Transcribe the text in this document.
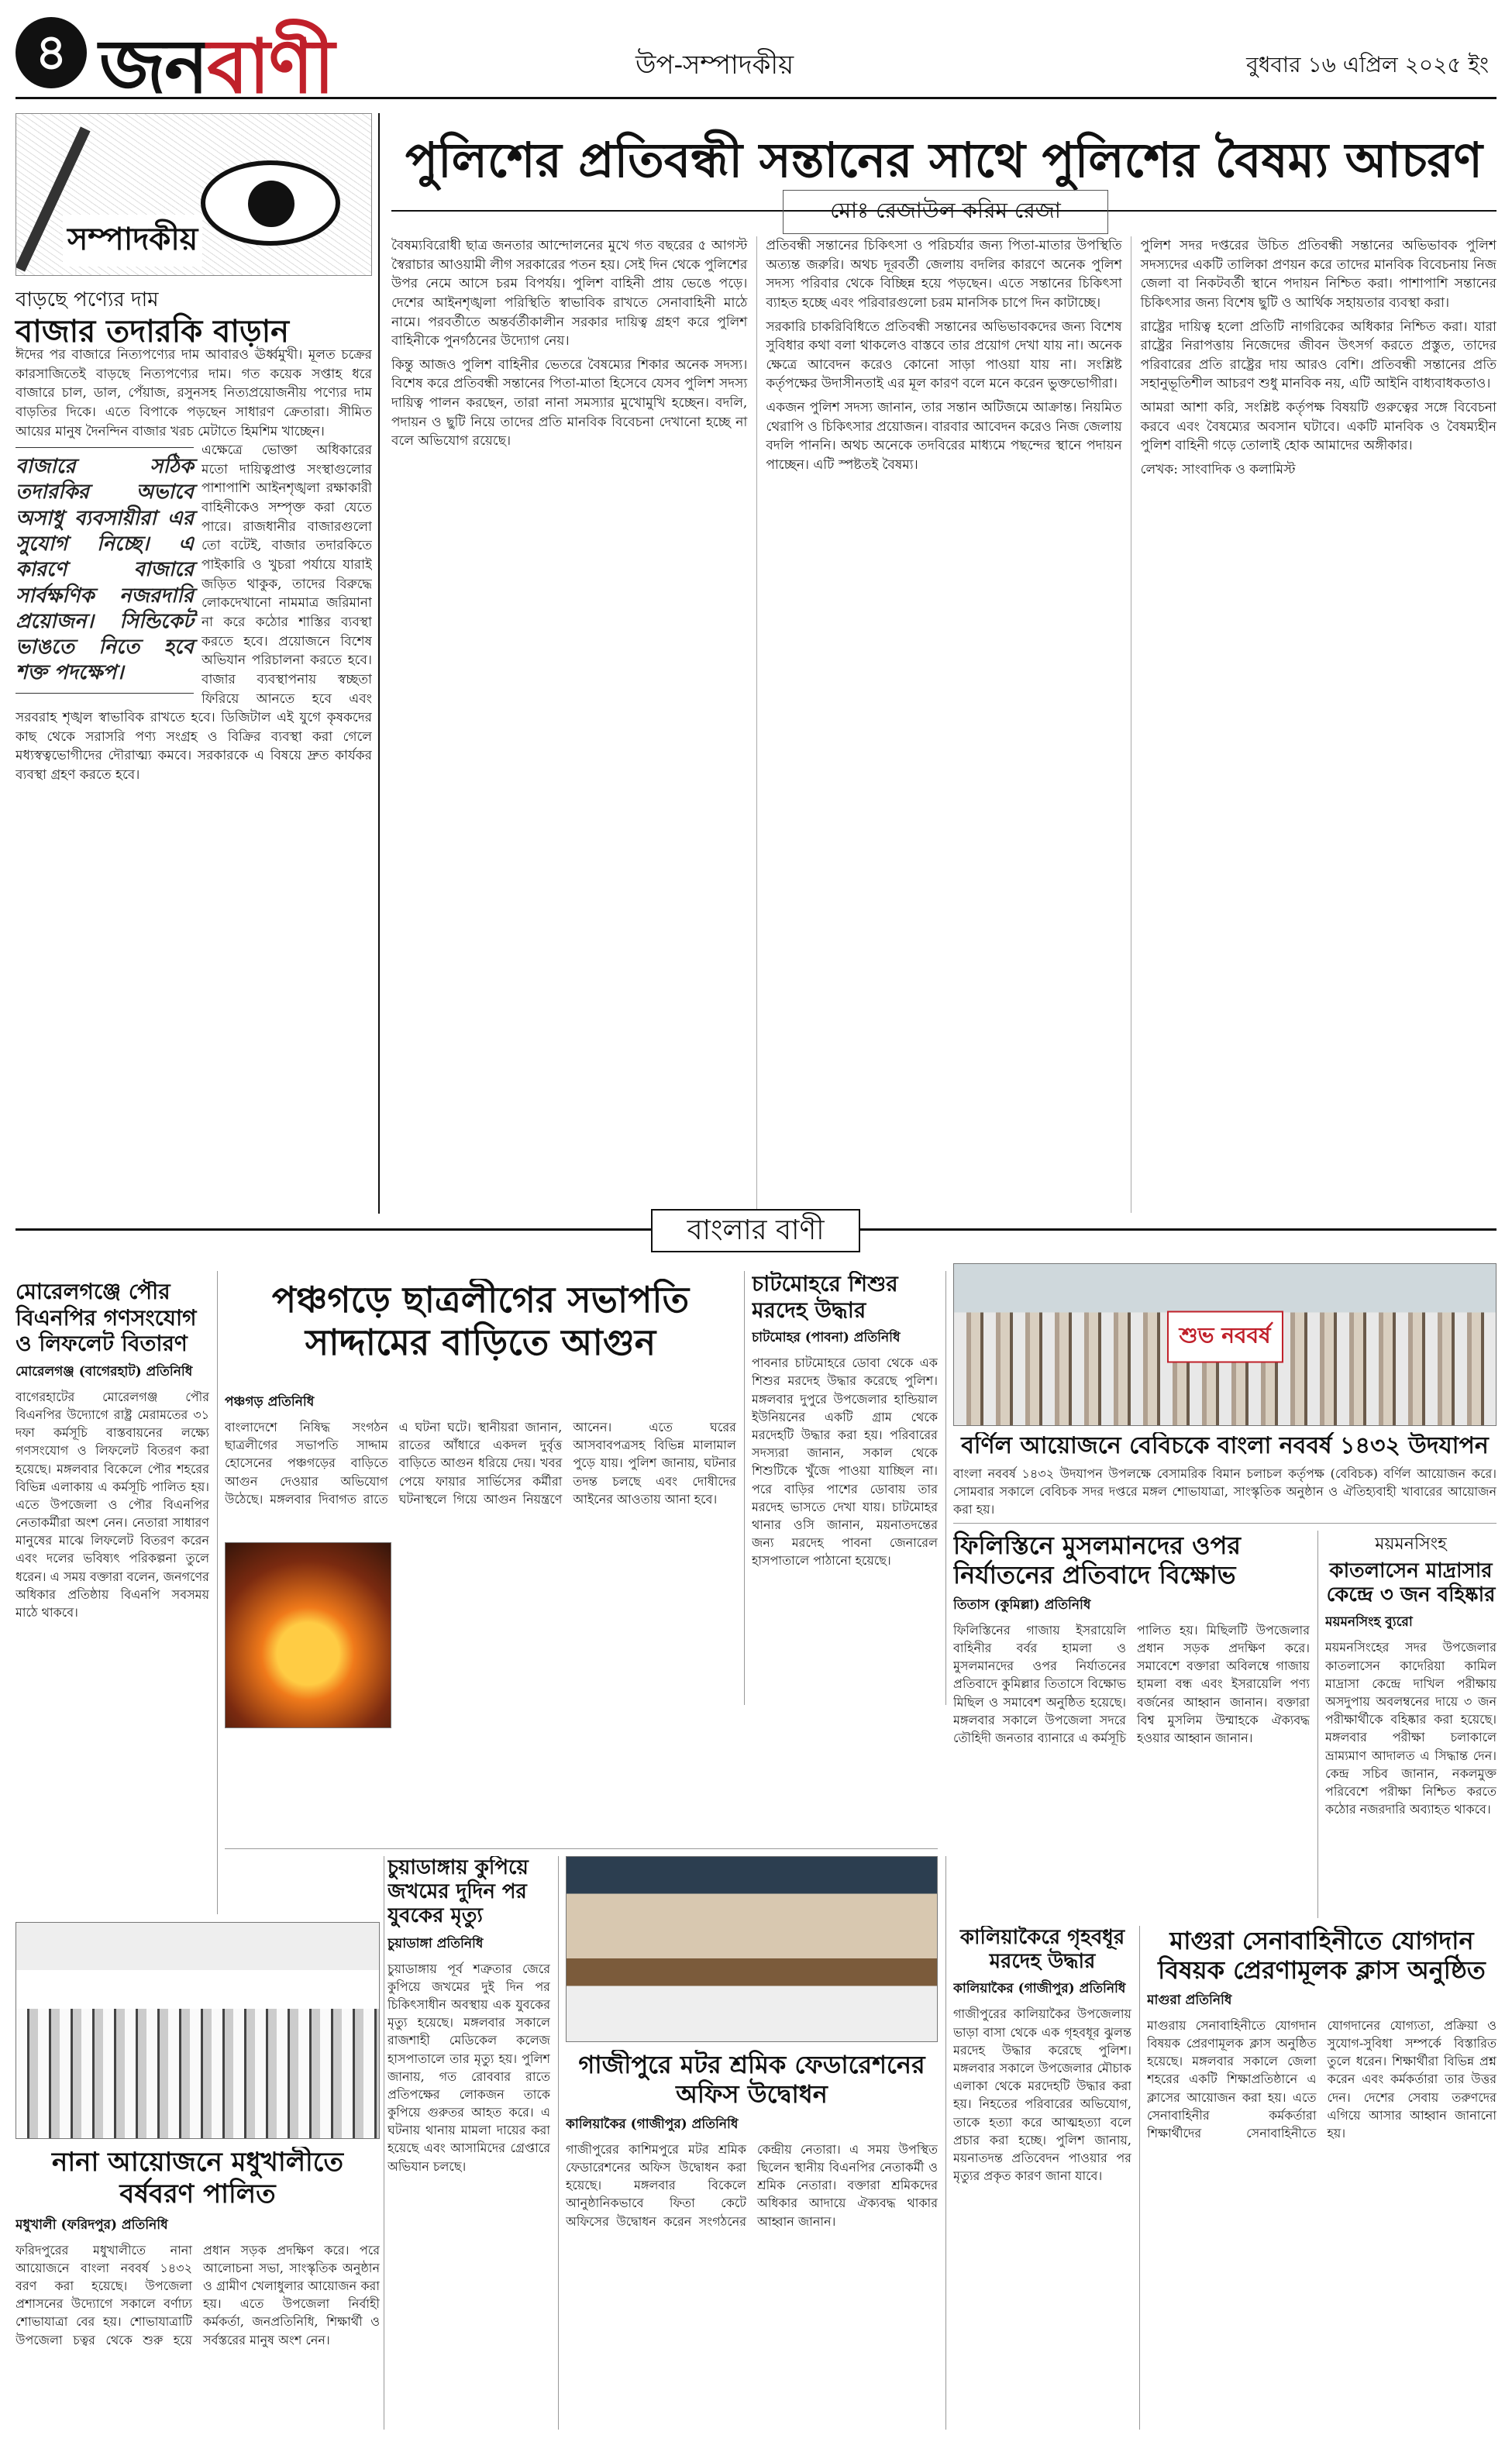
৪ জনবাণী	উপ-সম্পাদকীয়	বুধবার ১৬ এপ্রিল ২০২৫ ইং
সম্পাদকীয়
বাড়ছে পণ্যের দাম
বাজার তদারকি বাড়ান

ঈদের পর বাজারে নিত্যপণ্যের দাম আবারও ঊর্ধ্বমুখী। মূলত চক্রের কারসাজিতেই বাড়ছে নিত্যপণ্যের দাম। গত কয়েক সপ্তাহ ধরে বাজারে চাল, ডাল, পেঁয়াজ, রসুনসহ নিত্যপ্রয়োজনীয় পণ্যের দাম বাড়তির দিকে। এতে বিপাকে পড়ছেন সাধারণ ক্রেতারা। সীমিত আয়ের মানুষ দৈনন্দিন বাজার খরচ মেটাতে হিমশিম খাচ্ছেন।

বাজারে সঠিক তদারকির অভাবে অসাধু ব্যবসায়ীরা এর সুযোগ নিচ্ছে। এ কারণে বাজারে সার্বক্ষণিক নজরদারি প্রয়োজন। সিন্ডিকেট ভাঙতে নিতে হবে শক্ত পদক্ষেপ।

এক্ষেত্রে ভোক্তা অধিকারের মতো দায়িত্বপ্রাপ্ত সংস্থাগুলোর পাশাপাশি আইনশৃঙ্খলা রক্ষাকারী বাহিনীকেও সম্পৃক্ত করা যেতে পারে। রাজধানীর বাজারগুলো তো বটেই, বাজার তদারকিতে পাইকারি ও খুচরা পর্যায়ে যারাই জড়িত থাকুক, তাদের বিরুদ্ধে লোকদেখানো নামমাত্র জরিমানা না করে কঠোর শাস্তির ব্যবস্থা করতে হবে। প্রয়োজনে বিশেষ অভিযান পরিচালনা করতে হবে। বাজার ব্যবস্থাপনায় স্বচ্ছতা ফিরিয়ে আনতে হবে এবং সরবরাহ শৃঙ্খল স্বাভাবিক রাখতে হবে। ডিজিটাল এই যুগে কৃষকদের কাছ থেকে সরাসরি পণ্য সংগ্রহ ও বিক্রির ব্যবস্থা করা গেলে মধ্যস্বত্বভোগীদের দৌরাত্ম্য কমবে। সরকারকে এ বিষয়ে দ্রুত কার্যকর ব্যবস্থা গ্রহণ করতে হবে।

পুলিশের প্রতিবন্ধী সন্তানের সাথে পুলিশের বৈষম্য আচরণ
মোঃ রেজাউল করিম রেজা

বৈষম্যবিরোধী ছাত্র জনতার আন্দোলনের মুখে গত বছরের ৫ আগস্ট স্বৈরাচার আওয়ামী লীগ সরকারের পতন হয়। সেই দিন থেকে পুলিশের উপর নেমে আসে চরম বিপর্যয়। পুলিশ বাহিনী প্রায় ভেঙে পড়ে। দেশের আইনশৃঙ্খলা পরিস্থিতি স্বাভাবিক রাখতে সেনাবাহিনী মাঠে নামে। পরবর্তীতে অন্তর্বর্তীকালীন সরকার দায়িত্ব গ্রহণ করে পুলিশ বাহিনীকে পুনর্গঠনের উদ্যোগ নেয়।

কিন্তু আজও পুলিশ বাহিনীর ভেতরে বৈষম্যের শিকার অনেক সদস্য। বিশেষ করে প্রতিবন্ধী সন্তানের পিতা-মাতা হিসেবে যেসব পুলিশ সদস্য দায়িত্ব পালন করছেন, তারা নানা সমস্যার মুখোমুখি হচ্ছেন। বদলি, পদায়ন ও ছুটি নিয়ে তাদের প্রতি মানবিক বিবেচনা দেখানো হচ্ছে না বলে অভিযোগ রয়েছে।

প্রতিবন্ধী সন্তানের চিকিৎসা ও পরিচর্যার জন্য পিতা-মাতার উপস্থিতি অত্যন্ত জরুরি। অথচ দূরবর্তী জেলায় বদলির কারণে অনেক পুলিশ সদস্য পরিবার থেকে বিচ্ছিন্ন হয়ে পড়ছেন। এতে সন্তানের চিকিৎসা ব্যাহত হচ্ছে এবং পরিবারগুলো চরম মানসিক চাপে দিন কাটাচ্ছে।

সরকারি চাকরিবিধিতে প্রতিবন্ধী সন্তানের অভিভাবকদের জন্য বিশেষ সুবিধার কথা বলা থাকলেও বাস্তবে তার প্রয়োগ দেখা যায় না। অনেক ক্ষেত্রে আবেদন করেও কোনো সাড়া পাওয়া যায় না। সংশ্লিষ্ট কর্তৃপক্ষের উদাসীনতাই এর মূল কারণ বলে মনে করেন ভুক্তভোগীরা।

একজন পুলিশ সদস্য জানান, তার সন্তান অটিজমে আক্রান্ত। নিয়মিত থেরাপি ও চিকিৎসার প্রয়োজন। বারবার আবেদন করেও নিজ জেলায় বদলি পাননি। অথচ অনেকে তদবিরের মাধ্যমে পছন্দের স্থানে পদায়ন পাচ্ছেন। এটি স্পষ্টতই বৈষম্য।

পুলিশ সদর দপ্তরের উচিত প্রতিবন্ধী সন্তানের অভিভাবক পুলিশ সদস্যদের একটি তালিকা প্রণয়ন করে তাদের মানবিক বিবেচনায় নিজ জেলা বা নিকটবর্তী স্থানে পদায়ন নিশ্চিত করা। পাশাপাশি সন্তানের চিকিৎসার জন্য বিশেষ ছুটি ও আর্থিক সহায়তার ব্যবস্থা করা।

রাষ্ট্রের দায়িত্ব হলো প্রতিটি নাগরিকের অধিকার নিশ্চিত করা। যারা রাষ্ট্রের নিরাপত্তায় নিজেদের জীবন উৎসর্গ করতে প্রস্তুত, তাদের পরিবারের প্রতি রাষ্ট্রের দায় আরও বেশি। প্রতিবন্ধী সন্তানের প্রতি সহানুভূতিশীল আচরণ শুধু মানবিক নয়, এটি আইনি বাধ্যবাধকতাও।

আমরা আশা করি, সংশ্লিষ্ট কর্তৃপক্ষ বিষয়টি গুরুত্বের সঙ্গে বিবেচনা করবে এবং বৈষম্যের অবসান ঘটাবে। একটি মানবিক ও বৈষম্যহীন পুলিশ বাহিনী গড়ে তোলাই হোক আমাদের অঙ্গীকার।

লেখক: সাংবাদিক ও কলামিস্ট

বাংলার বাণী
মোরেলগঞ্জে পৌর বিএনপির গণসংযোগ ও লিফলেট বিতারণ
মোরেলগঞ্জ (বাগেরহাট) প্রতিনিধি
বাগেরহাটের মোরেলগঞ্জ পৌর বিএনপির উদ্যোগে রাষ্ট্র মেরামতের ৩১ দফা কর্মসূচি বাস্তবায়নের লক্ষ্যে গণসংযোগ ও লিফলেট বিতরণ করা হয়েছে। মঙ্গলবার বিকেলে পৌর শহরের বিভিন্ন এলাকায় এ কর্মসূচি পালিত হয়। এতে উপজেলা ও পৌর বিএনপির নেতাকর্মীরা অংশ নেন। নেতারা সাধারণ মানুষের মাঝে লিফলেট বিতরণ করেন এবং দলের ভবিষ্যৎ পরিকল্পনা তুলে ধরেন। এ সময় বক্তারা বলেন, জনগণের অধিকার প্রতিষ্ঠায় বিএনপি সবসময় মাঠে থাকবে।
পঞ্চগড়ে ছাত্রলীগের সভাপতি সাদ্দামের বাড়িতে আগুন
পঞ্চগড় প্রতিনিধি
বাংলাদেশে নিষিদ্ধ সংগঠন ছাত্রলীগের সভাপতি সাদ্দাম হোসেনের পঞ্চগড়ের বাড়িতে আগুন দেওয়ার অভিযোগ উঠেছে। মঙ্গলবার দিবাগত রাতে এ ঘটনা ঘটে। স্থানীয়রা জানান, রাতের আঁধারে একদল দুর্বৃত্ত বাড়িতে আগুন ধরিয়ে দেয়। খবর পেয়ে ফায়ার সার্ভিসের কর্মীরা ঘটনাস্থলে গিয়ে আগুন নিয়ন্ত্রণে আনেন। এতে ঘরের আসবাবপত্রসহ বিভিন্ন মালামাল পুড়ে যায়। পুলিশ জানায়, ঘটনার তদন্ত চলছে এবং দোষীদের আইনের আওতায় আনা হবে।
চাটমোহরে শিশুর মরদেহ উদ্ধার
চাটমোহর (পাবনা) প্রতিনিধি
পাবনার চাটমোহরে ডোবা থেকে এক শিশুর মরদেহ উদ্ধার করেছে পুলিশ। মঙ্গলবার দুপুরে উপজেলার হান্ডিয়াল ইউনিয়নের একটি গ্রাম থেকে মরদেহটি উদ্ধার করা হয়। পরিবারের সদস্যরা জানান, সকাল থেকে শিশুটিকে খুঁজে পাওয়া যাচ্ছিল না। পরে বাড়ির পাশের ডোবায় তার মরদেহ ভাসতে দেখা যায়। চাটমোহর থানার ওসি জানান, ময়নাতদন্তের জন্য মরদেহ পাবনা জেনারেল হাসপাতালে পাঠানো হয়েছে।
শুভ নববর্ষ
বর্ণিল আয়োজনে বেবিচকে বাংলা নববর্ষ ১৪৩২ উদযাপন
বাংলা নববর্ষ ১৪৩২ উদযাপন উপলক্ষে বেসামরিক বিমান চলাচল কর্তৃপক্ষ (বেবিচক) বর্ণিল আয়োজন করে। সোমবার সকালে বেবিচক সদর দপ্তরে মঙ্গল শোভাযাত্রা, সাংস্কৃতিক অনুষ্ঠান ও ঐতিহ্যবাহী খাবারের আয়োজন করা হয়।
ফিলিস্তিনে মুসলমানদের ওপর নির্যাতনের প্রতিবাদে বিক্ষোভ
তিতাস (কুমিল্লা) প্রতিনিধি
ফিলিস্তিনের গাজায় ইসরায়েলি বাহিনীর বর্বর হামলা ও মুসলমানদের ওপর নির্যাতনের প্রতিবাদে কুমিল্লার তিতাসে বিক্ষোভ মিছিল ও সমাবেশ অনুষ্ঠিত হয়েছে। মঙ্গলবার সকালে উপজেলা সদরে তৌহিদী জনতার ব্যানারে এ কর্মসূচি পালিত হয়। মিছিলটি উপজেলার প্রধান সড়ক প্রদক্ষিণ করে। সমাবেশে বক্তারা অবিলম্বে গাজায় হামলা বন্ধ এবং ইসরায়েলি পণ্য বর্জনের আহ্বান জানান। বক্তারা বিশ্ব মুসলিম উম্মাহকে ঐক্যবদ্ধ হওয়ার আহ্বান জানান।
ময়মনসিংহ
কাতলাসেন মাদ্রাসার কেন্দ্রে ৩ জন বহিষ্কার
ময়মনসিংহ ব্যুরো
ময়মনসিংহের সদর উপজেলার কাতলাসেন কাদেরিয়া কামিল মাদ্রাসা কেন্দ্রে দাখিল পরীক্ষায় অসদুপায় অবলম্বনের দায়ে ৩ জন পরীক্ষার্থীকে বহিষ্কার করা হয়েছে। মঙ্গলবার পরীক্ষা চলাকালে ভ্রাম্যমাণ আদালত এ সিদ্ধান্ত দেন। কেন্দ্র সচিব জানান, নকলমুক্ত পরিবেশে পরীক্ষা নিশ্চিত করতে কঠোর নজরদারি অব্যাহত থাকবে।
চুয়াডাঙ্গায় কুপিয়ে জখমের দুদিন পর যুবকের মৃত্যু
চুয়াডাঙ্গা প্রতিনিধি
চুয়াডাঙ্গায় পূর্ব শত্রুতার জেরে কুপিয়ে জখমের দুই দিন পর চিকিৎসাধীন অবস্থায় এক যুবকের মৃত্যু হয়েছে। মঙ্গলবার সকালে রাজশাহী মেডিকেল কলেজ হাসপাতালে তার মৃত্যু হয়। পুলিশ জানায়, গত রোববার রাতে প্রতিপক্ষের লোকজন তাকে কুপিয়ে গুরুতর আহত করে। এ ঘটনায় থানায় মামলা দায়ের করা হয়েছে এবং আসামিদের গ্রেপ্তারে অভিযান চলছে।
নানা আয়োজনে মধুখালীতে বর্ষবরণ পালিত
মধুখালী (ফরিদপুর) প্রতিনিধি
ফরিদপুরের মধুখালীতে নানা আয়োজনে বাংলা নববর্ষ ১৪৩২ বরণ করা হয়েছে। উপজেলা প্রশাসনের উদ্যোগে সকালে বর্ণাঢ্য শোভাযাত্রা বের হয়। শোভাযাত্রাটি উপজেলা চত্বর থেকে শুরু হয়ে প্রধান সড়ক প্রদক্ষিণ করে। পরে আলোচনা সভা, সাংস্কৃতিক অনুষ্ঠান ও গ্রামীণ খেলাধুলার আয়োজন করা হয়। এতে উপজেলা নির্বাহী কর্মকর্তা, জনপ্রতিনিধি, শিক্ষার্থী ও সর্বস্তরের মানুষ অংশ নেন।
গাজীপুরে মটর শ্রমিক ফেডারেশনের অফিস উদ্বোধন
কালিয়াকৈর (গাজীপুর) প্রতিনিধি
গাজীপুরের কাশিমপুরে মটর শ্রমিক ফেডারেশনের অফিস উদ্বোধন করা হয়েছে। মঙ্গলবার বিকেলে আনুষ্ঠানিকভাবে ফিতা কেটে অফিসের উদ্বোধন করেন সংগঠনের কেন্দ্রীয় নেতারা। এ সময় উপস্থিত ছিলেন স্থানীয় বিএনপির নেতাকর্মী ও শ্রমিক নেতারা। বক্তারা শ্রমিকদের অধিকার আদায়ে ঐক্যবদ্ধ থাকার আহ্বান জানান।
কালিয়াকৈরে গৃহবধূর মরদেহ উদ্ধার
কালিয়াকৈর (গাজীপুর) প্রতিনিধি
গাজীপুরের কালিয়াকৈর উপজেলায় ভাড়া বাসা থেকে এক গৃহবধূর ঝুলন্ত মরদেহ উদ্ধার করেছে পুলিশ। মঙ্গলবার সকালে উপজেলার মৌচাক এলাকা থেকে মরদেহটি উদ্ধার করা হয়। নিহতের পরিবারের অভিযোগ, তাকে হত্যা করে আত্মহত্যা বলে প্রচার করা হচ্ছে। পুলিশ জানায়, ময়নাতদন্ত প্রতিবেদন পাওয়ার পর মৃত্যুর প্রকৃত কারণ জানা যাবে।
মাগুরা সেনাবাহিনীতে যোগদান বিষয়ক প্রেরণামূলক ক্লাস অনুষ্ঠিত
মাগুরা প্রতিনিধি
মাগুরায় সেনাবাহিনীতে যোগদান বিষয়ক প্রেরণামূলক ক্লাস অনুষ্ঠিত হয়েছে। মঙ্গলবার সকালে জেলা শহরের একটি শিক্ষাপ্রতিষ্ঠানে এ ক্লাসের আয়োজন করা হয়। এতে সেনাবাহিনীর কর্মকর্তারা শিক্ষার্থীদের সেনাবাহিনীতে যোগদানের যোগ্যতা, প্রক্রিয়া ও সুযোগ-সুবিধা সম্পর্কে বিস্তারিত তুলে ধরেন। শিক্ষার্থীরা বিভিন্ন প্রশ্ন করেন এবং কর্মকর্তারা তার উত্তর দেন। দেশের সেবায় তরুণদের এগিয়ে আসার আহ্বান জানানো হয়।
